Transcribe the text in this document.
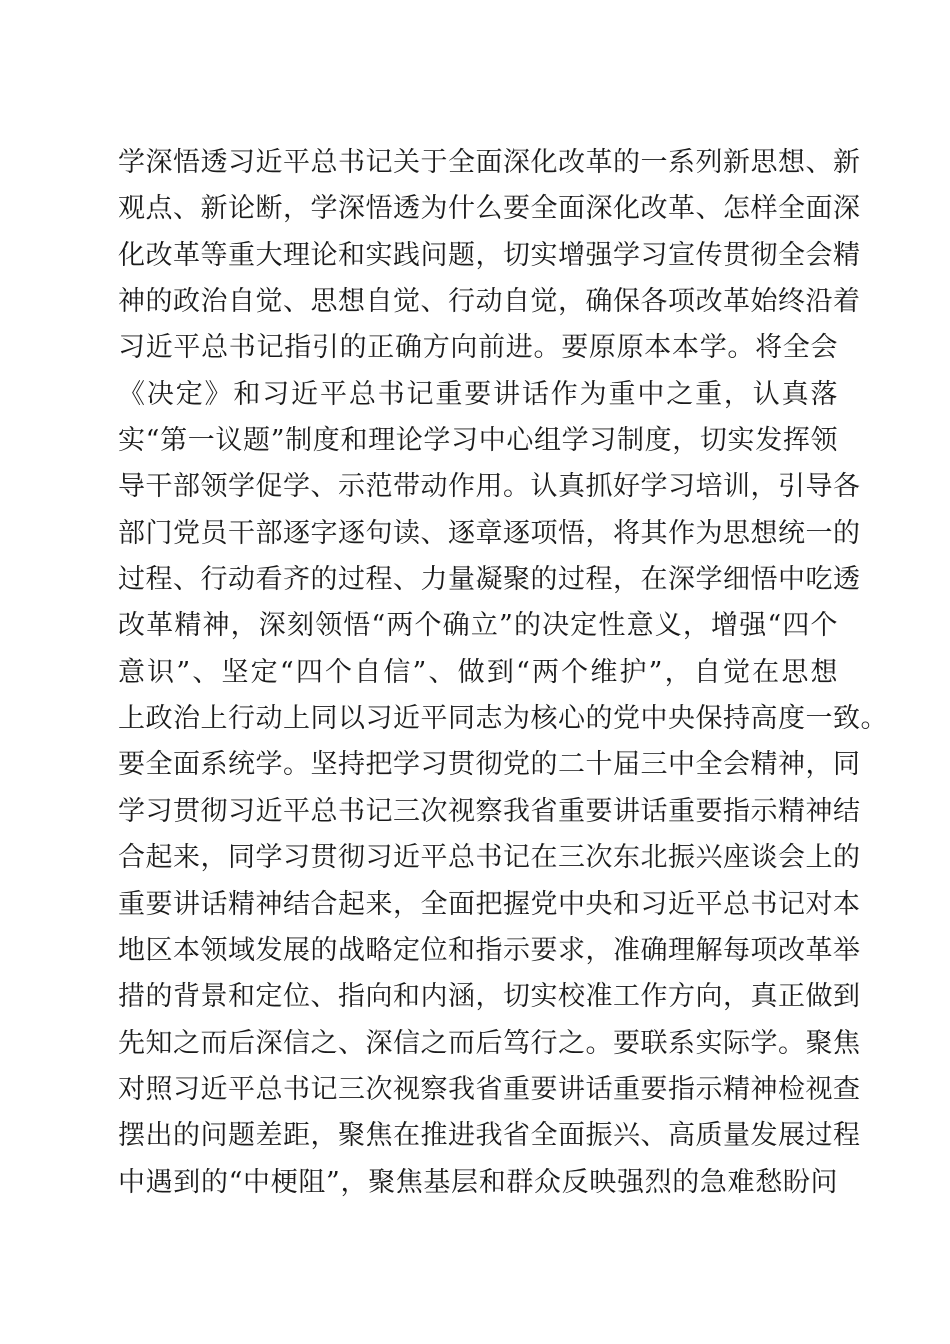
学深悟透习近平总书记关于全面深化改革的一系列新思想、新
观点、新论断，学深悟透为什么要全面深化改革、怎样全面深
化改革等重大理论和实践问题，切实增强学习宣传贯彻全会精
神的政治自觉、思想自觉、行动自觉，确保各项改革始终沿着
习近平总书记指引的正确方向前进。要原原本本学。将全会
《决定》和习近平总书记重要讲话作为重中之重，认真落
实“第一议题”制度和理论学习中心组学习制度，切实发挥领
导干部领学促学、示范带动作用。认真抓好学习培训，引导各
部门党员干部逐字逐句读、逐章逐项悟，将其作为思想统一的
过程、行动看齐的过程、力量凝聚的过程，在深学细悟中吃透
改革精神，深刻领悟“两个确立”的决定性意义，增强“四个
意识”、坚定“四个自信”、做到“两个维护”，自觉在思想
上政治上行动上同以习近平同志为核心的党中央保持高度一致。
要全面系统学。坚持把学习贯彻党的二十届三中全会精神，同
学习贯彻习近平总书记三次视察我省重要讲话重要指示精神结
合起来，同学习贯彻习近平总书记在三次东北振兴座谈会上的
重要讲话精神结合起来，全面把握党中央和习近平总书记对本
地区本领域发展的战略定位和指示要求，准确理解每项改革举
措的背景和定位、指向和内涵，切实校准工作方向，真正做到
先知之而后深信之、深信之而后笃行之。要联系实际学。聚焦
对照习近平总书记三次视察我省重要讲话重要指示精神检视查
摆出的问题差距，聚焦在推进我省全面振兴、高质量发展过程
中遇到的“中梗阻”，聚焦基层和群众反映强烈的急难愁盼问
